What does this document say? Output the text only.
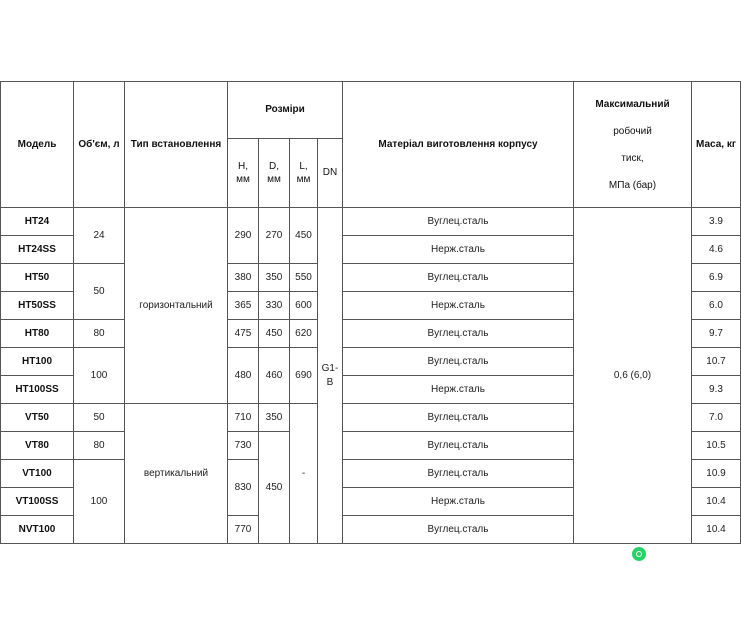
Модель	Об'єм, л	Тип встановлення	Розміри				Матеріал виготовлення корпусу	Максимальний
робочий
тиск,
МПа (бар)	Маса, кг
			H, мм	D, мм	L, мм	DN			
HT24	24	горизонтальний	290	270	450	G1-B	Вуглец.сталь	0,6 (6,0)	3.9
HT24SS							Нерж.сталь		4.6
HT50	50		380	350	550		Вуглец.сталь		6.9
HT50SS			365	330	600		Нерж.сталь		6.0
HT80	80		475	450	620		Вуглец.сталь		9.7
HT100	100		480	460	690		Вуглец.сталь		10.7
HT100SS							Нерж.сталь		9.3
VT50	50	вертикальний	710	350	-		Вуглец.сталь		7.0
VT80	80		730	450			Вуглец.сталь		10.5
VT100	100		830				Вуглец.сталь		10.9
VT100SS							Нерж.сталь		10.4
NVT100			770				Вуглец.сталь		10.4
